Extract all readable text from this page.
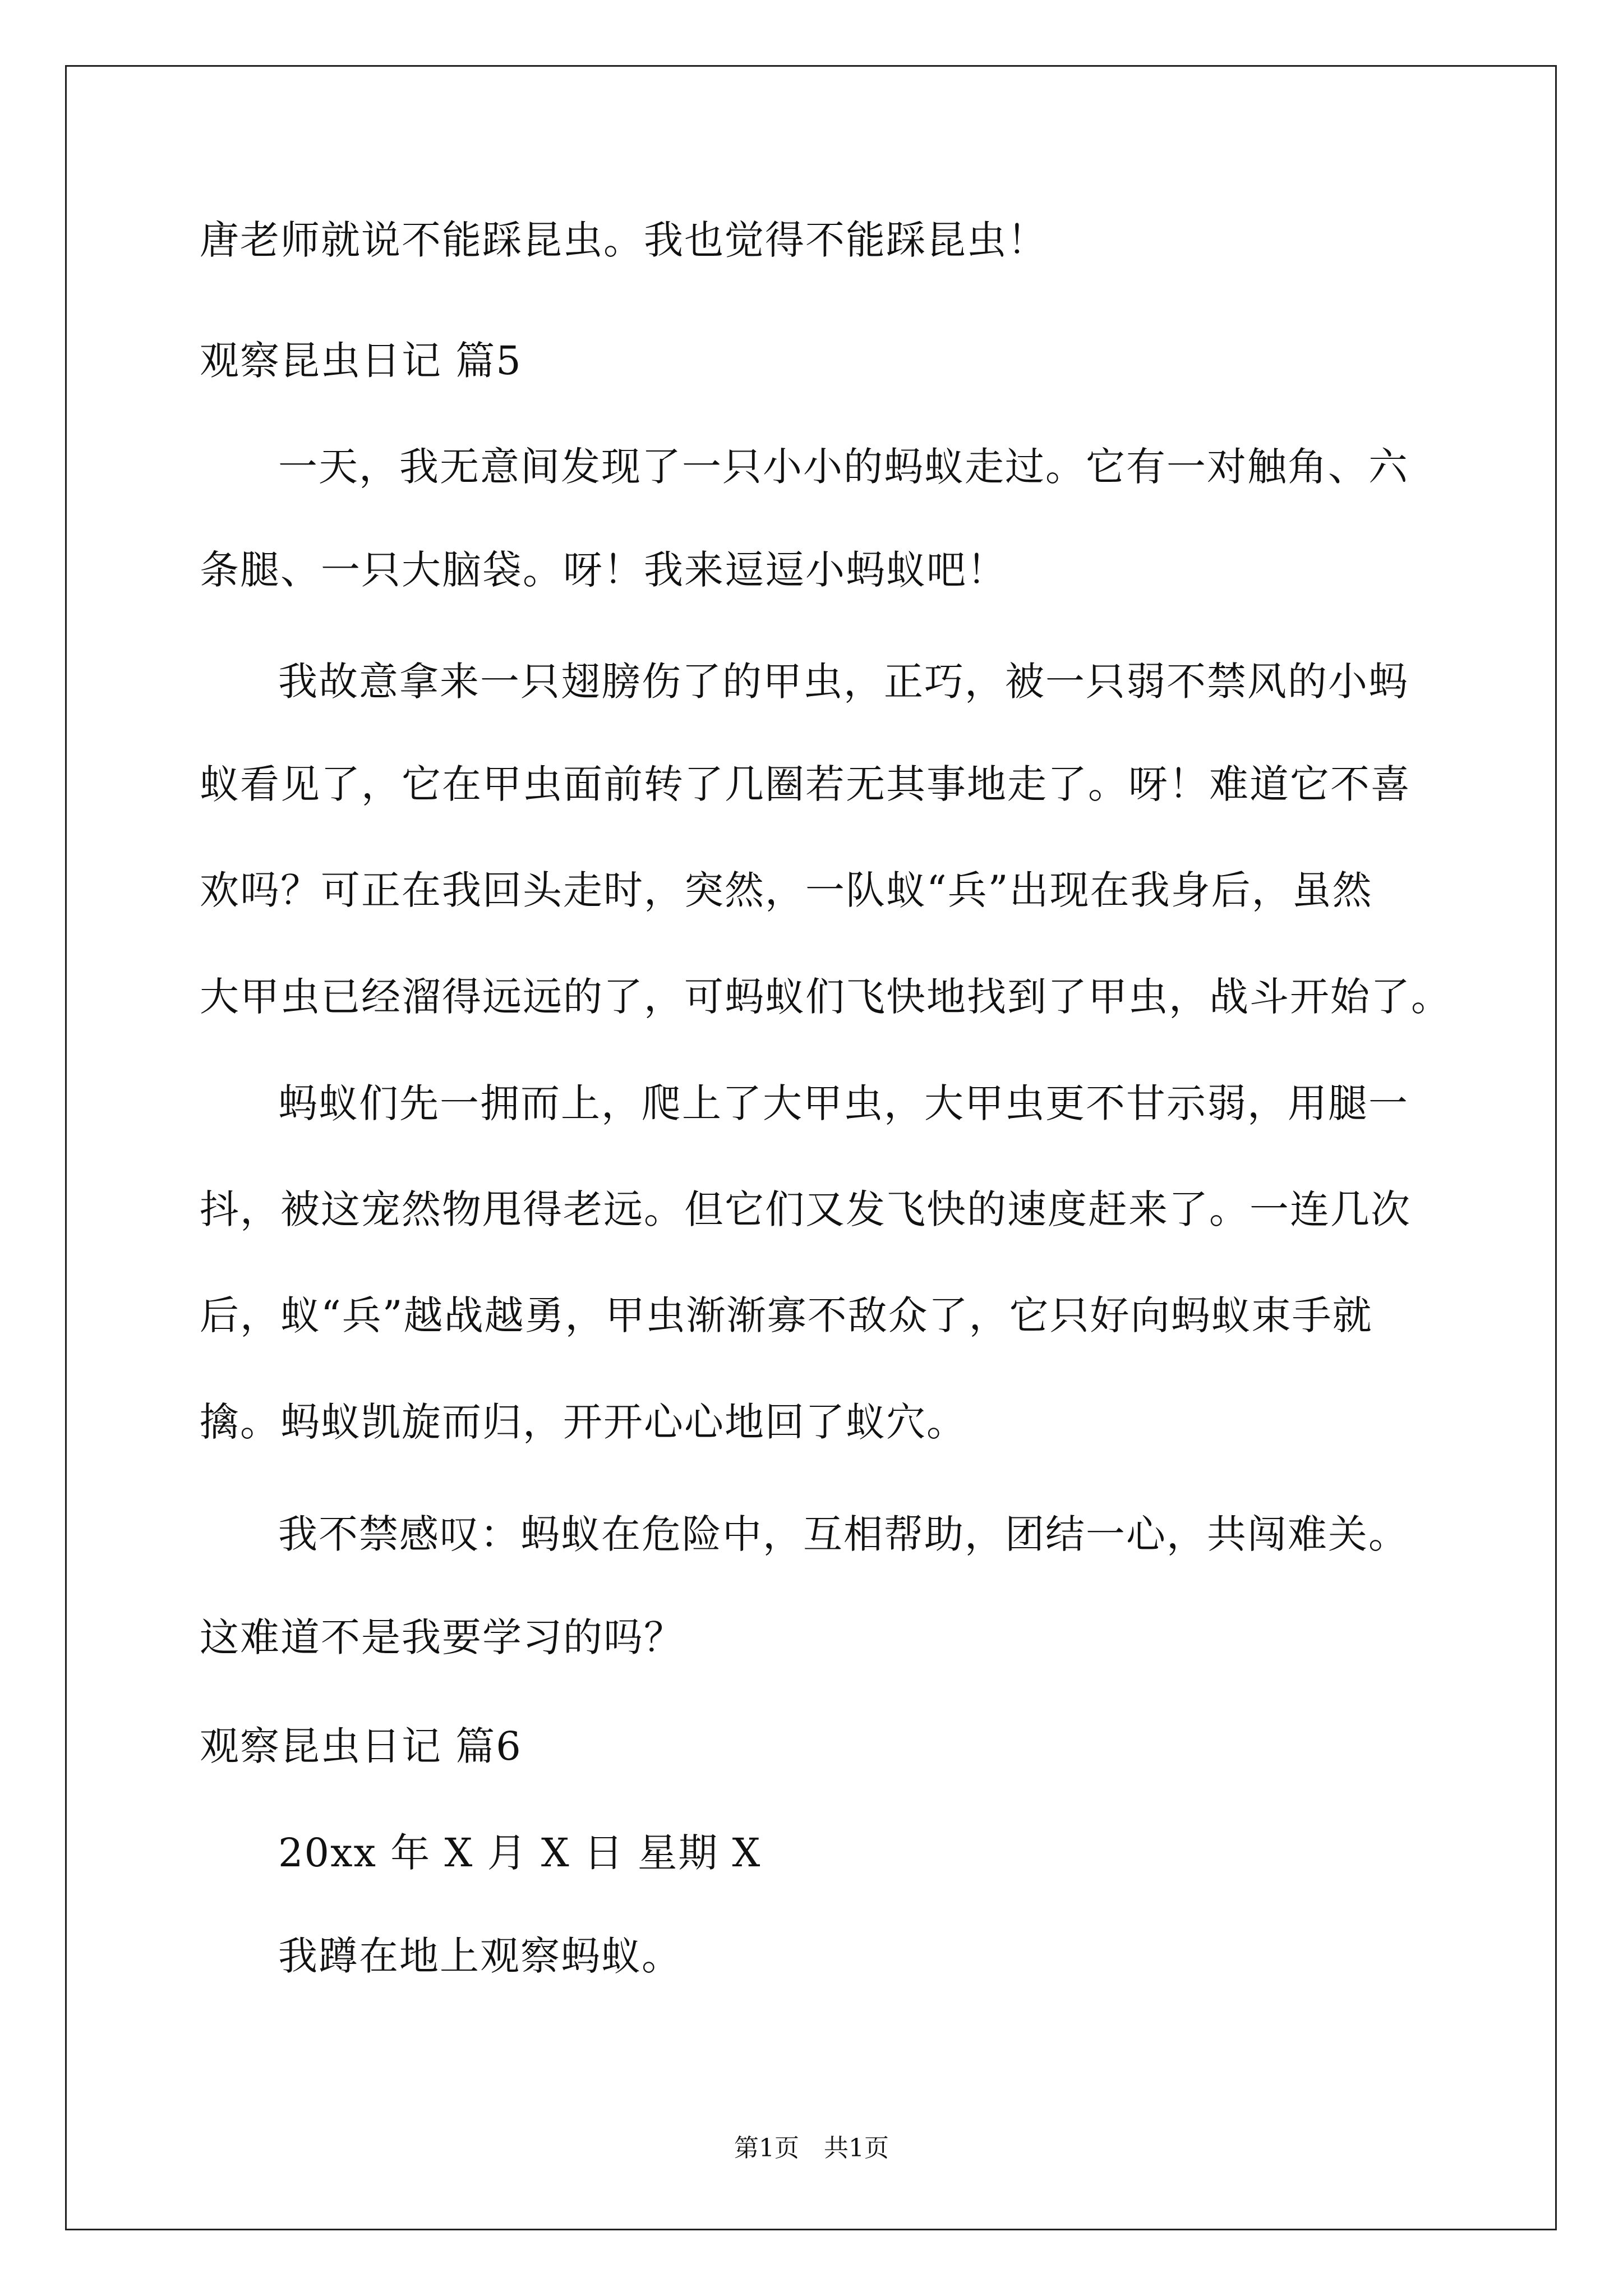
唐老师就说不能踩昆虫。我也觉得不能踩昆虫！
观察昆虫日记 篇5
一天，我无意间发现了一只小小的蚂蚁走过。它有一对触角、六
条腿、一只大脑袋。呀！我来逗逗小蚂蚁吧！
我故意拿来一只翅膀伤了的甲虫，正巧，被一只弱不禁风的小蚂
蚁看见了，它在甲虫面前转了几圈若无其事地走了。呀！难道它不喜
欢吗？可正在我回头走时，突然，一队蚁“兵”出现在我身后，虽然
大甲虫已经溜得远远的了，可蚂蚁们飞快地找到了甲虫，战斗开始了。
蚂蚁们先一拥而上，爬上了大甲虫，大甲虫更不甘示弱，用腿一
抖，被这宠然物甩得老远。但它们又发飞快的速度赶来了。一连几次
后，蚁“兵”越战越勇，甲虫渐渐寡不敌众了，它只好向蚂蚁束手就
擒。蚂蚁凯旋而归，开开心心地回了蚁穴。
我不禁感叹：蚂蚁在危险中，互相帮助，团结一心，共闯难关。
这难道不是我要学习的吗？
观察昆虫日记 篇6
20xx 年 X 月 X 日 星期 X
我蹲在地上观察蚂蚁。
第1页　共1页
